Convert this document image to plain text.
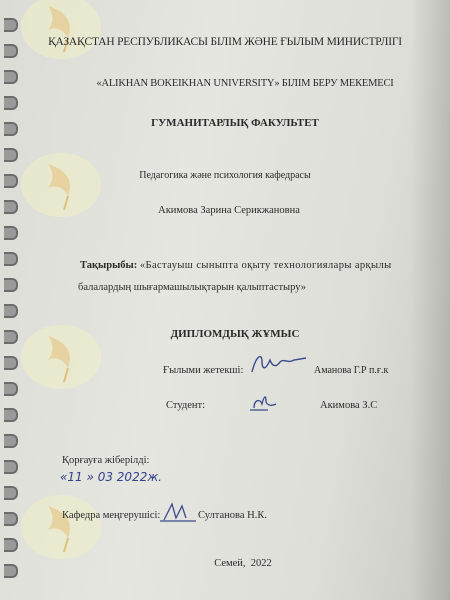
ҚАЗАҚСТАН РЕСПУБЛИКАСЫ БІЛІМ ЖӘНЕ ҒЫЛЫМ МИНИСТРЛІГІ
«ALIKHAN BOKEIKHAN UNIVERSITY» БІЛІМ БЕРУ МЕКЕМЕСІ
ГУМАНИТАРЛЫҚ ФАКУЛЬТЕТ
Педагогика және психология кафедрасы
Акимова Зарина Серикжановна
Тақырыбы: «Бастауыш сыныпта оқыту технологиялары арқылы
балалардың шығармашылықтарын қалыптастыру»
ДИПЛОМДЫҚ ЖҰМЫС
Ғылыми жетекші:	Аманова Г.Р п.ғ.к
Студент:	Акимова З.С
Қорғауға жіберілді:
«11 » 03 2022ж.
Кафедра меңгерушісі:	Султанова Н.К.
Семей,  2022
